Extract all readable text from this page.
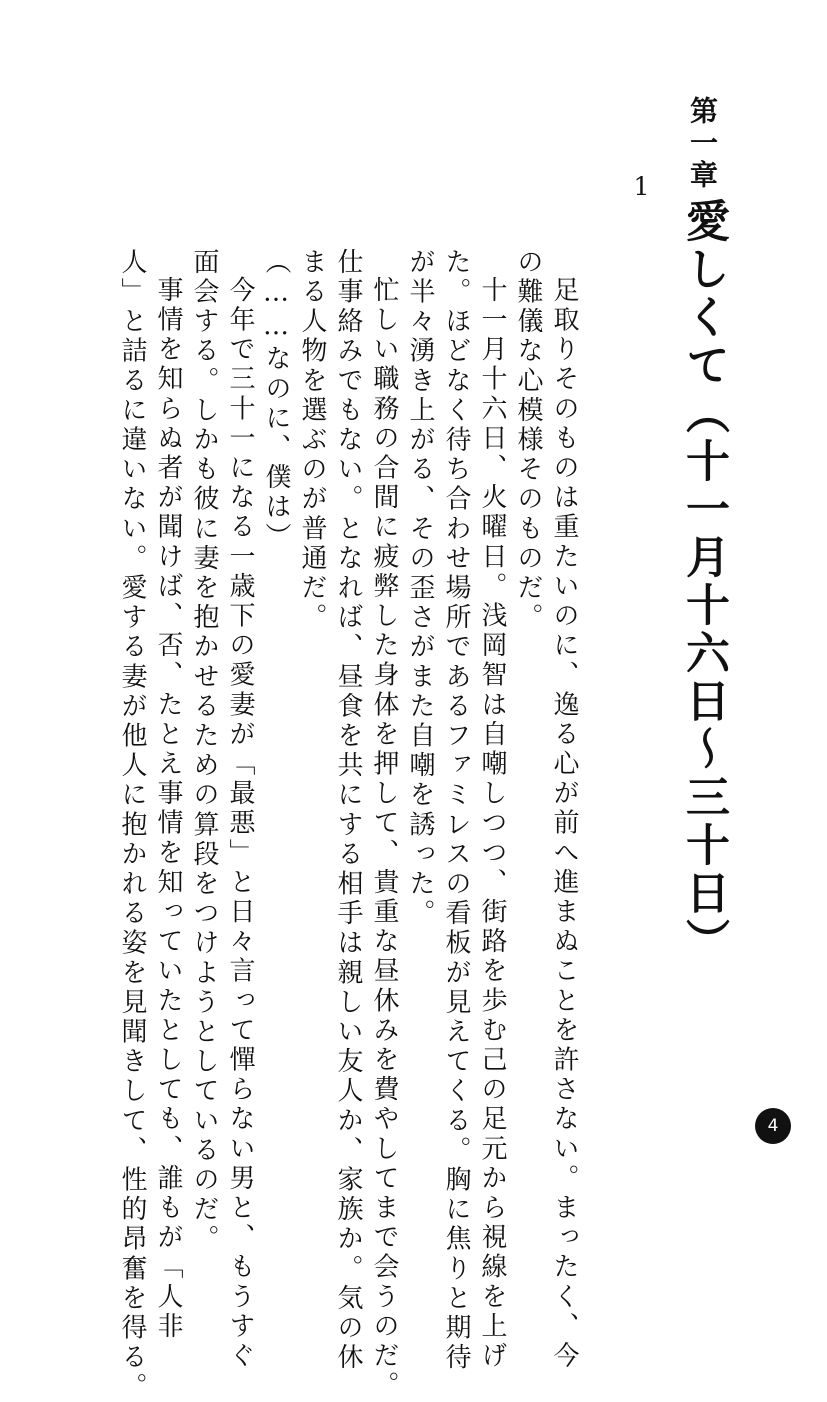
第一章
愛しくて（十一月十六日〜三十日）
1
足取りそのものは重たいのに、逸る心が前へ進まぬことを許さない。まったく、今
の難儀な心模様そのものだ。
十一月十六日、火曜日。浅岡智は自嘲しつつ、街路を歩む己の足元から視線を上げ
た。ほどなく待ち合わせ場所であるファミレスの看板が見えてくる。胸に焦りと期待
が半々湧き上がる、その歪さがまた自嘲を誘った。
忙しい職務の合間に疲弊した身体を押して、貴重な昼休みを費やしてまで会うのだ。
仕事絡みでもない。となれば、昼食を共にする相手は親しい友人か、家族か。気の休
まる人物を選ぶのが普通だ。
（……なのに、僕は）
今年で三十一になる一歳下の愛妻が「最悪」と日々言って憚らない男と、もうすぐ
面会する。しかも彼に妻を抱かせるための算段をつけようとしているのだ。
事情を知らぬ者が聞けば、否、たとえ事情を知っていたとしても、誰もが「人非
人」と詰るに違いない。愛する妻が他人に抱かれる姿を見聞きして、性的昂奮を得る。	4
